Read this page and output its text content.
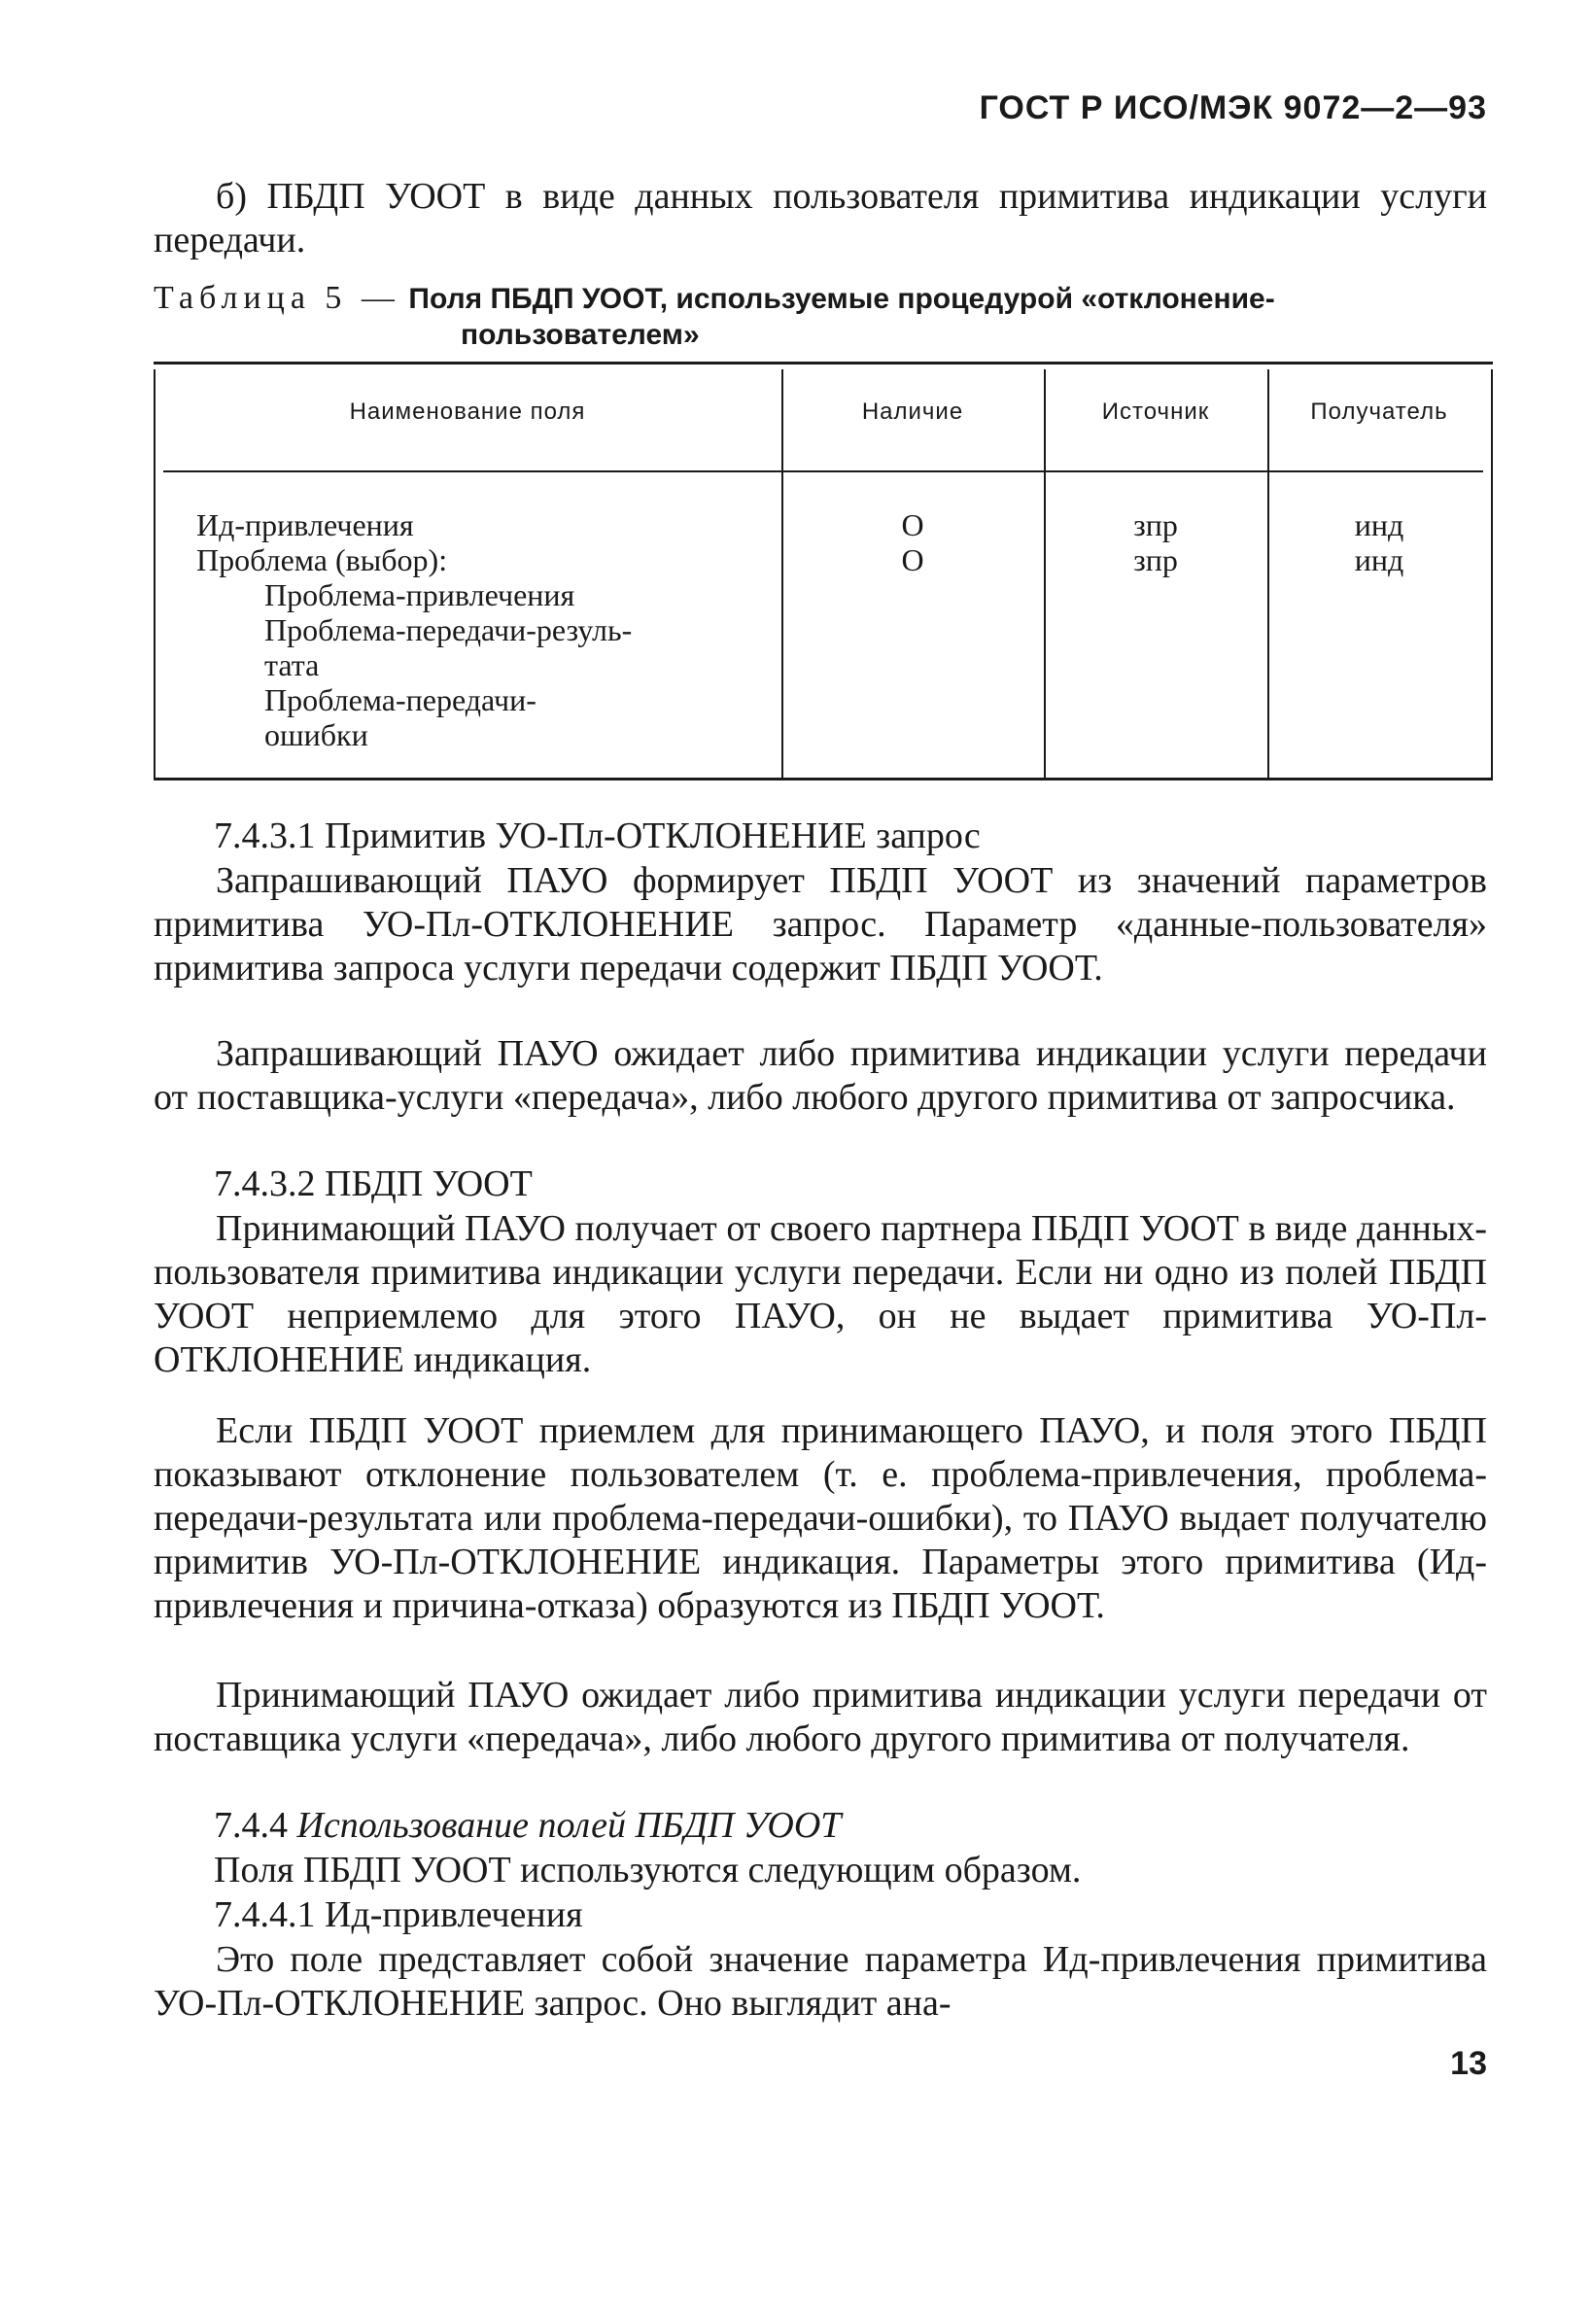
ГОСТ Р ИСО/МЭК 9072—2—93
б) ПБДП УООТ в виде данных пользователя примитива индикации услуги передачи.
Таблица 5 — Поля ПБДП УООТ, используемые процедурой «отклонение-
пользователем»
Наименование поля	Наличие	Источник	Получатель
Ид-привлечения	О	зпр	инд
Проблема (выбор):	О	зпр	инд
Проблема-привлечения
Проблема-передачи-резуль-
тата
Проблема-передачи-
ошибки
7.4.3.1 Примитив УО-Пл-ОТКЛОНЕНИЕ запрос
Запрашивающий ПАУО формирует ПБДП УООТ из значений параметров примитива УО-Пл-ОТКЛОНЕНИЕ запрос. Параметр «данные-пользователя» примитива запроса услуги передачи содержит ПБДП УООТ.
Запрашивающий ПАУО ожидает либо примитива индикации услуги передачи от поставщика-услуги «передача», либо любого другого примитива от запросчика.
7.4.3.2 ПБДП УООТ
Принимающий ПАУО получает от своего партнера ПБДП УООТ в виде данных-пользователя примитива индикации услуги передачи. Если ни одно из полей ПБДП УООТ неприемлемо для этого ПАУО, он не выдает примитива УО-Пл-ОТКЛОНЕНИЕ индикация.
Если ПБДП УООТ приемлем для принимающего ПАУО, и поля этого ПБДП показывают отклонение пользователем (т. е. проблема-привлечения, проблема-передачи-результата или проблема-передачи-ошибки), то ПАУО выдает получателю примитив УО-Пл-ОТКЛОНЕНИЕ индикация. Параметры этого примитива (Ид-привлечения и причина-отказа) образуются из ПБДП УООТ.
Принимающий ПАУО ожидает либо примитива индикации услуги передачи от поставщика услуги «передача», либо любого другого примитива от получателя.
7.4.4 Использование полей ПБДП УООТ
Поля ПБДП УООТ используются следующим образом.
7.4.4.1 Ид-привлечения
Это поле представляет собой значение параметра Ид-привлечения примитива УО-Пл-ОТКЛОНЕНИЕ запрос. Оно выглядит ана-
13
